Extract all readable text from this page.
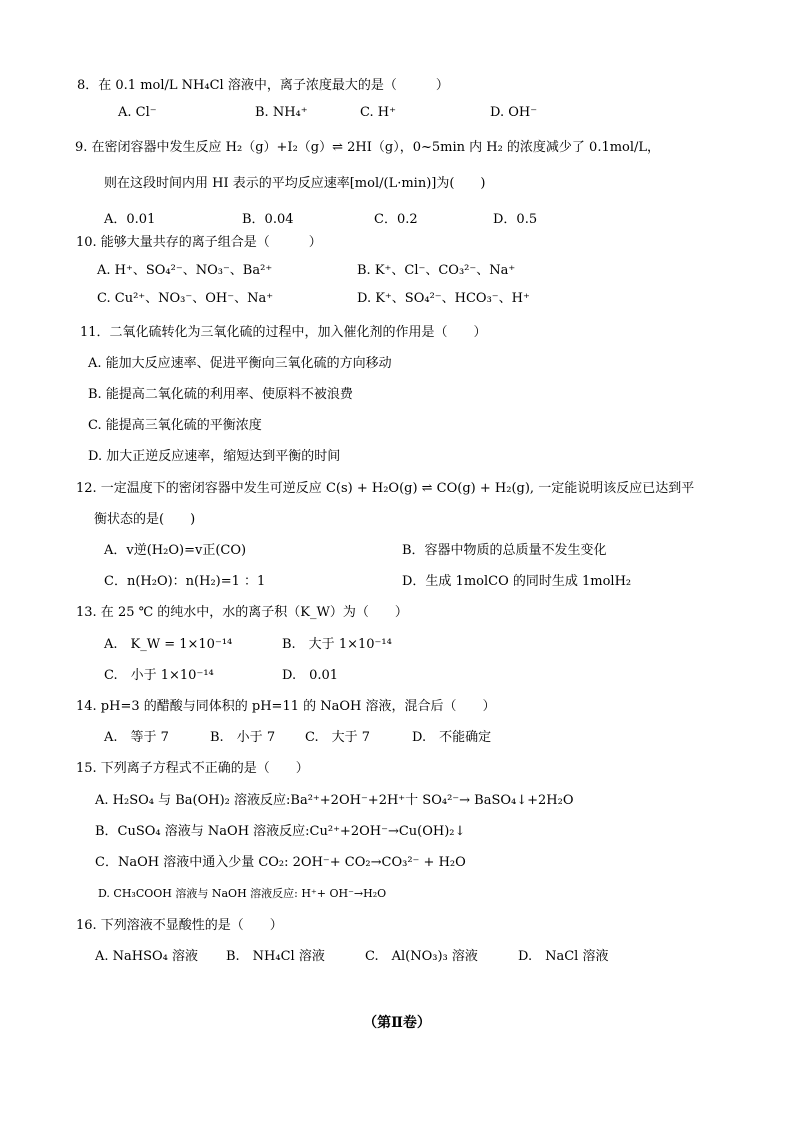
8．在 0.1 mol/L NH₄Cl 溶液中，离子浓度最大的是（　　　）
A. Cl⁻	B. NH₄⁺	C. H⁺	D. OH⁻
9. 在密闭容器中发生反应 H₂（g）+I₂（g）⇌ 2HI（g），0~5min 内 H₂ 的浓度减少了 0.1mol/L，
则在这段时间内用 HI 表示的平均反应速率[mol/(L·min)]为(　　)
A．0.01	B．0.04	C．0.2	D．0.5
10. 能够大量共存的离子组合是（　　　）
A. H⁺、SO₄²⁻、NO₃⁻、Ba²⁺	B. K⁺、Cl⁻、CO₃²⁻、Na⁺
C. Cu²⁺、NO₃⁻、OH⁻、Na⁺	D. K⁺、SO₄²⁻、HCO₃⁻、H⁺
11．二氧化硫转化为三氧化硫的过程中，加入催化剂的作用是（　　）
A. 能加大反应速率、促进平衡向三氧化硫的方向移动
B. 能提高二氧化硫的利用率、使原料不被浪费
C. 能提高三氧化硫的平衡浓度
D. 加大正逆反应速率，缩短达到平衡的时间
12. 一定温度下的密闭容器中发生可逆反应 C(s) + H₂O(g) ⇌ CO(g) + H₂(g), 一定能说明该反应已达到平
衡状态的是(　　)
A．v逆(H₂O)=v正(CO)	B．容器中物质的总质量不发生变化
C．n(H₂O)：n(H₂)=1 ：1	D．生成 1molCO 的同时生成 1molH₂
13. 在 25 ℃ 的纯水中，水的离子积（K_W）为（　　）
A.　K_W = 1×10⁻¹⁴	B.　大于 1×10⁻¹⁴
C.　小于 1×10⁻¹⁴	D.　0.01
14. pH=3 的醋酸与同体积的 pH=11 的 NaOH 溶液，混合后（　　）
A.　等于 7	B.　小于 7 C.　大于 7	D.　不能确定
15. 下列离子方程式不正确的是（　　）
A. H₂SO₄ 与 Ba(OH)₂ 溶液反应:Ba²⁺+2OH⁻+2H⁺十 SO₄²⁻→ BaSO₄↓+2H₂O
B．CuSO₄ 溶液与 NaOH 溶液反应:Cu²⁺+2OH⁻→Cu(OH)₂↓
C．NaOH 溶液中通入少量 CO₂: 2OH⁻+ CO₂→CO₃²⁻ + H₂O
D. CH₃COOH 溶液与 NaOH 溶液反应: H⁺+ OH⁻→H₂O
16. 下列溶液不显酸性的是（　　）
A. NaHSO₄ 溶液 B.　NH₄Cl 溶液	C.　Al(NO₃)₃ 溶液	D.　NaCl 溶液
（第Ⅱ卷）
